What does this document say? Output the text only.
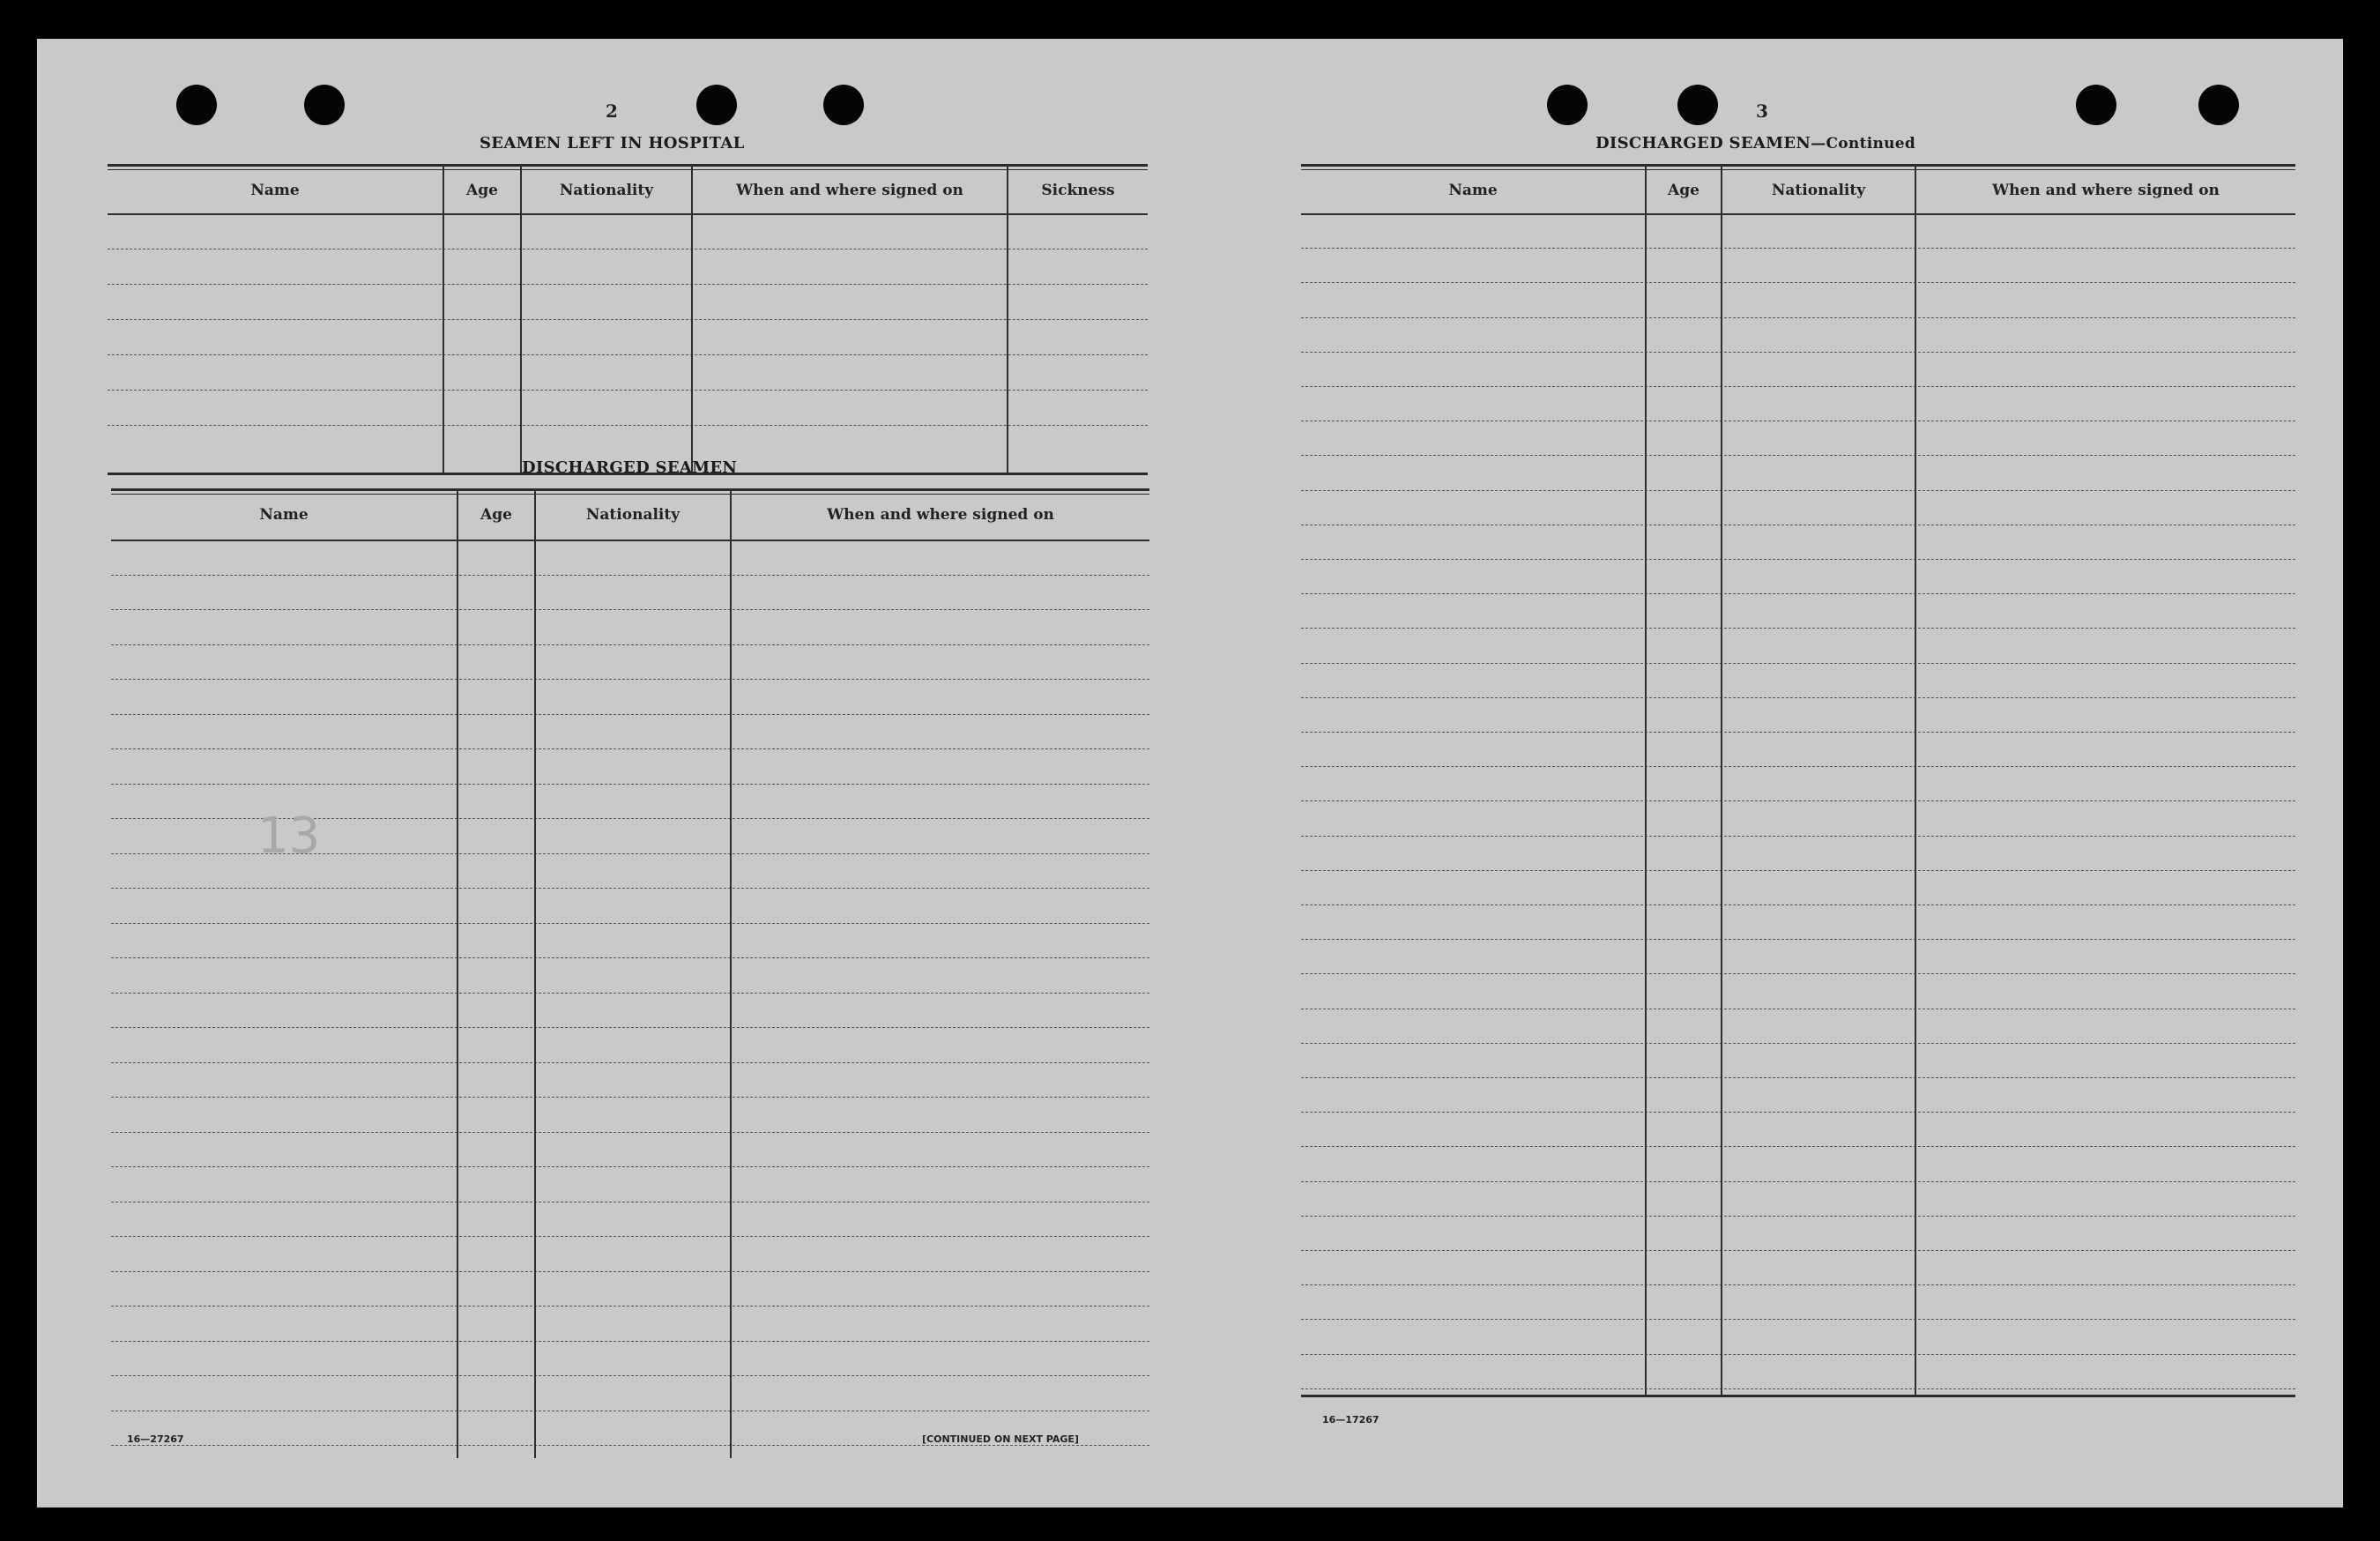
2
SEAMEN LEFT IN HOSPITAL
Name	Age	Nationality	When and where signed on	Sickness
DISCHARGED SEAMEN
Name	Age	Nationality	When and where signed on
13
16—27267	[CONTINUED ON NEXT PAGE]
3
DISCHARGED SEAMEN—Continued
Name	Age	Nationality	When and where signed on
16—17267
